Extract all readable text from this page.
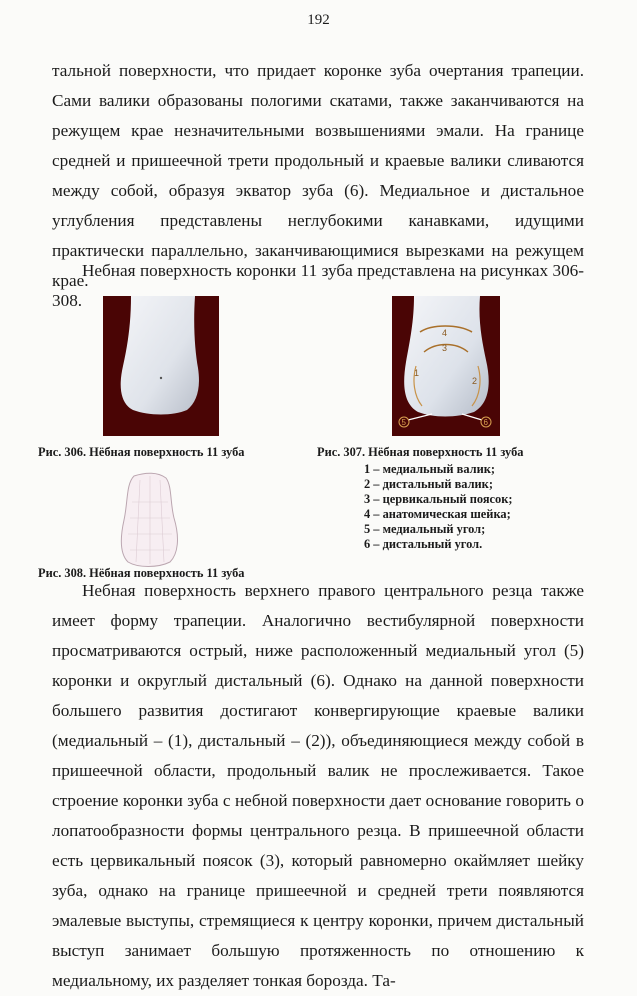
192

тальной поверхности, что придает коронке зуба очертания трапеции. Сами валики образованы пологими скатами, также заканчиваются на режущем крае незначительными возвышениями эмали. На границе средней и пришеечной трети продольный и краевые валики сливаются между собой, образуя экватор зуба (6). Медиальное и дистальное углубления представлены неглубокими канавками, идущими практически параллельно, заканчивающимися вырезками на режущем крае.

Небная поверхность коронки 11 зуба представлена на рисунках 306-308.

4
3
1
2
5	6
Рис. 306. Нёбная поверхность 11 зуба	Рис. 307. Нёбная поверхность 11 зуба
1 – медиальный валик;
2 – дистальный валик;
3 – цервикальный поясок;
4 – анатомическая шейка;
5 – медиальный угол;
6 – дистальный угол.
Рис. 308. Нёбная поверхность 11 зуба

Небная поверхность верхнего правого центрального резца также имеет форму трапеции. Аналогично вестибулярной поверхности просматриваются острый, ниже расположенный медиальный угол (5) коронки и округлый дистальный (6). Однако на данной поверхности большего развития достигают конвергирующие краевые валики (медиальный – (1), дистальный – (2)), объединяющиеся между собой в пришеечной области, продольный валик не прослеживается. Такое строение коронки зуба с небной поверхности дает основание говорить о лопатообразности формы центрального резца. В пришеечной области есть цервикальный поясок (3), который равномерно окаймляет шейку зуба, однако на границе пришеечной и средней трети появляются эмалевые выступы, стремящиеся к центру коронки, причем дистальный выступ занимает большую протяженность по отношению к медиальному, их разделяет тонкая борозда. Та-
